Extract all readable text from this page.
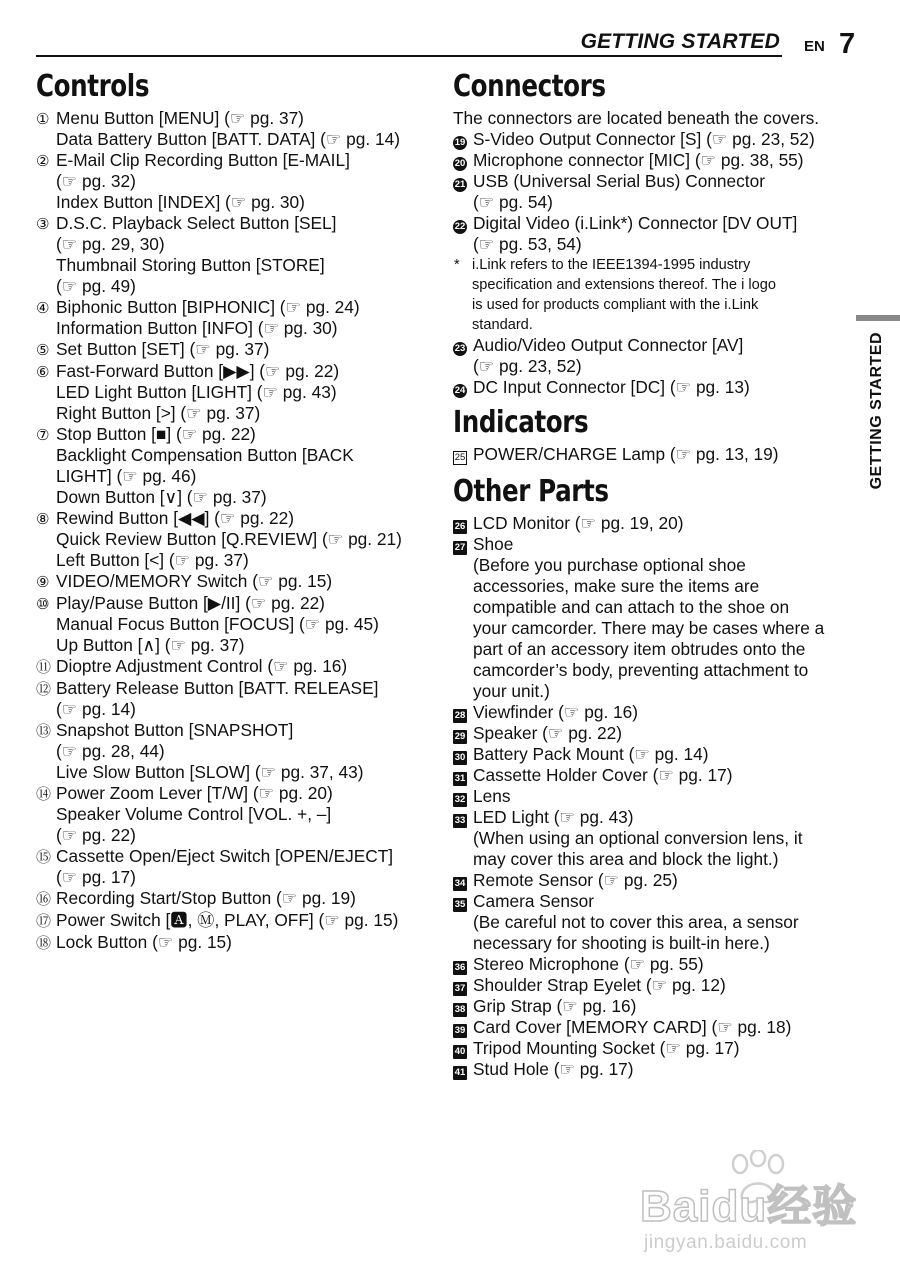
GETTING STARTED EN 7
GETTING STARTED
Controls
① Menu Button [MENU] (☞ pg. 37)
Data Battery Button [BATT. DATA] (☞ pg. 14)
② E-Mail Clip Recording Button [E-MAIL]
(☞ pg. 32)
Index Button [INDEX] (☞ pg. 30)
③ D.S.C. Playback Select Button [SEL]
(☞ pg. 29, 30)
Thumbnail Storing Button [STORE]
(☞ pg. 49)
④ Biphonic Button [BIPHONIC] (☞ pg. 24)
Information Button [INFO] (☞ pg. 30)
⑤ Set Button [SET] (☞ pg. 37)
⑥ Fast-Forward Button [▶▶] (☞ pg. 22)
LED Light Button [LIGHT] (☞ pg. 43)
Right Button [>] (☞ pg. 37)
⑦ Stop Button [■] (☞ pg. 22)
Backlight Compensation Button [BACK
LIGHT] (☞ pg. 46)
Down Button [∨] (☞ pg. 37)
⑧ Rewind Button [◀◀] (☞ pg. 22)
Quick Review Button [Q.REVIEW] (☞ pg. 21)
Left Button [<] (☞ pg. 37)
⑨ VIDEO/MEMORY Switch (☞ pg. 15)
⑩ Play/Pause Button [▶/II] (☞ pg. 22)
Manual Focus Button [FOCUS] (☞ pg. 45)
Up Button [∧] (☞ pg. 37)
⑪ Dioptre Adjustment Control (☞ pg. 16)
⑫ Battery Release Button [BATT. RELEASE]
(☞ pg. 14)
⑬ Snapshot Button [SNAPSHOT]
(☞ pg. 28, 44)
Live Slow Button [SLOW] (☞ pg. 37, 43)
⑭ Power Zoom Lever [T/W] (☞ pg. 20)
Speaker Volume Control [VOL. +, –]
(☞ pg. 22)
⑮ Cassette Open/Eject Switch [OPEN/EJECT]
(☞ pg. 17)
⑯ Recording Start/Stop Button (☞ pg. 19)
⑰ Power Switch [🅰, Ⓜ, PLAY, OFF] (☞ pg. 15)
⑱ Lock Button (☞ pg. 15)
Connectors
The connectors are located beneath the covers.
19 S-Video Output Connector [S] (☞ pg. 23, 52)
20 Microphone connector [MIC] (☞ pg. 38, 55)
21 USB (Universal Serial Bus) Connector
(☞ pg. 54)
22 Digital Video (i.Link*) Connector [DV OUT]
(☞ pg. 53, 54)
* i.Link refers to the IEEE1394-1995 industry
specification and extensions thereof. The i logo
is used for products compliant with the i.Link
standard.
23 Audio/Video Output Connector [AV]
(☞ pg. 23, 52)
24 DC Input Connector [DC] (☞ pg. 13)
Indicators
25 POWER/CHARGE Lamp (☞ pg. 13, 19)
Other Parts
26 LCD Monitor (☞ pg. 19, 20)
27 Shoe
(Before you purchase optional shoe
accessories, make sure the items are
compatible and can attach to the shoe on
your camcorder. There may be cases where a
part of an accessory item obtrudes onto the
camcorder’s body, preventing attachment to
your unit.)
28 Viewfinder (☞ pg. 16)
29 Speaker (☞ pg. 22)
30 Battery Pack Mount (☞ pg. 14)
31 Cassette Holder Cover (☞ pg. 17)
32 Lens
33 LED Light (☞ pg. 43)
(When using an optional conversion lens, it
may cover this area and block the light.)
34 Remote Sensor (☞ pg. 25)
35 Camera Sensor
(Be careful not to cover this area, a sensor
necessary for shooting is built-in here.)
36 Stereo Microphone (☞ pg. 55)
37 Shoulder Strap Eyelet (☞ pg. 12)
38 Grip Strap (☞ pg. 16)
39 Card Cover [MEMORY CARD] (☞ pg. 18)
40 Tripod Mounting Socket (☞ pg. 17)
41 Stud Hole (☞ pg. 17)
Baidu经验
jingyan.baidu.com
